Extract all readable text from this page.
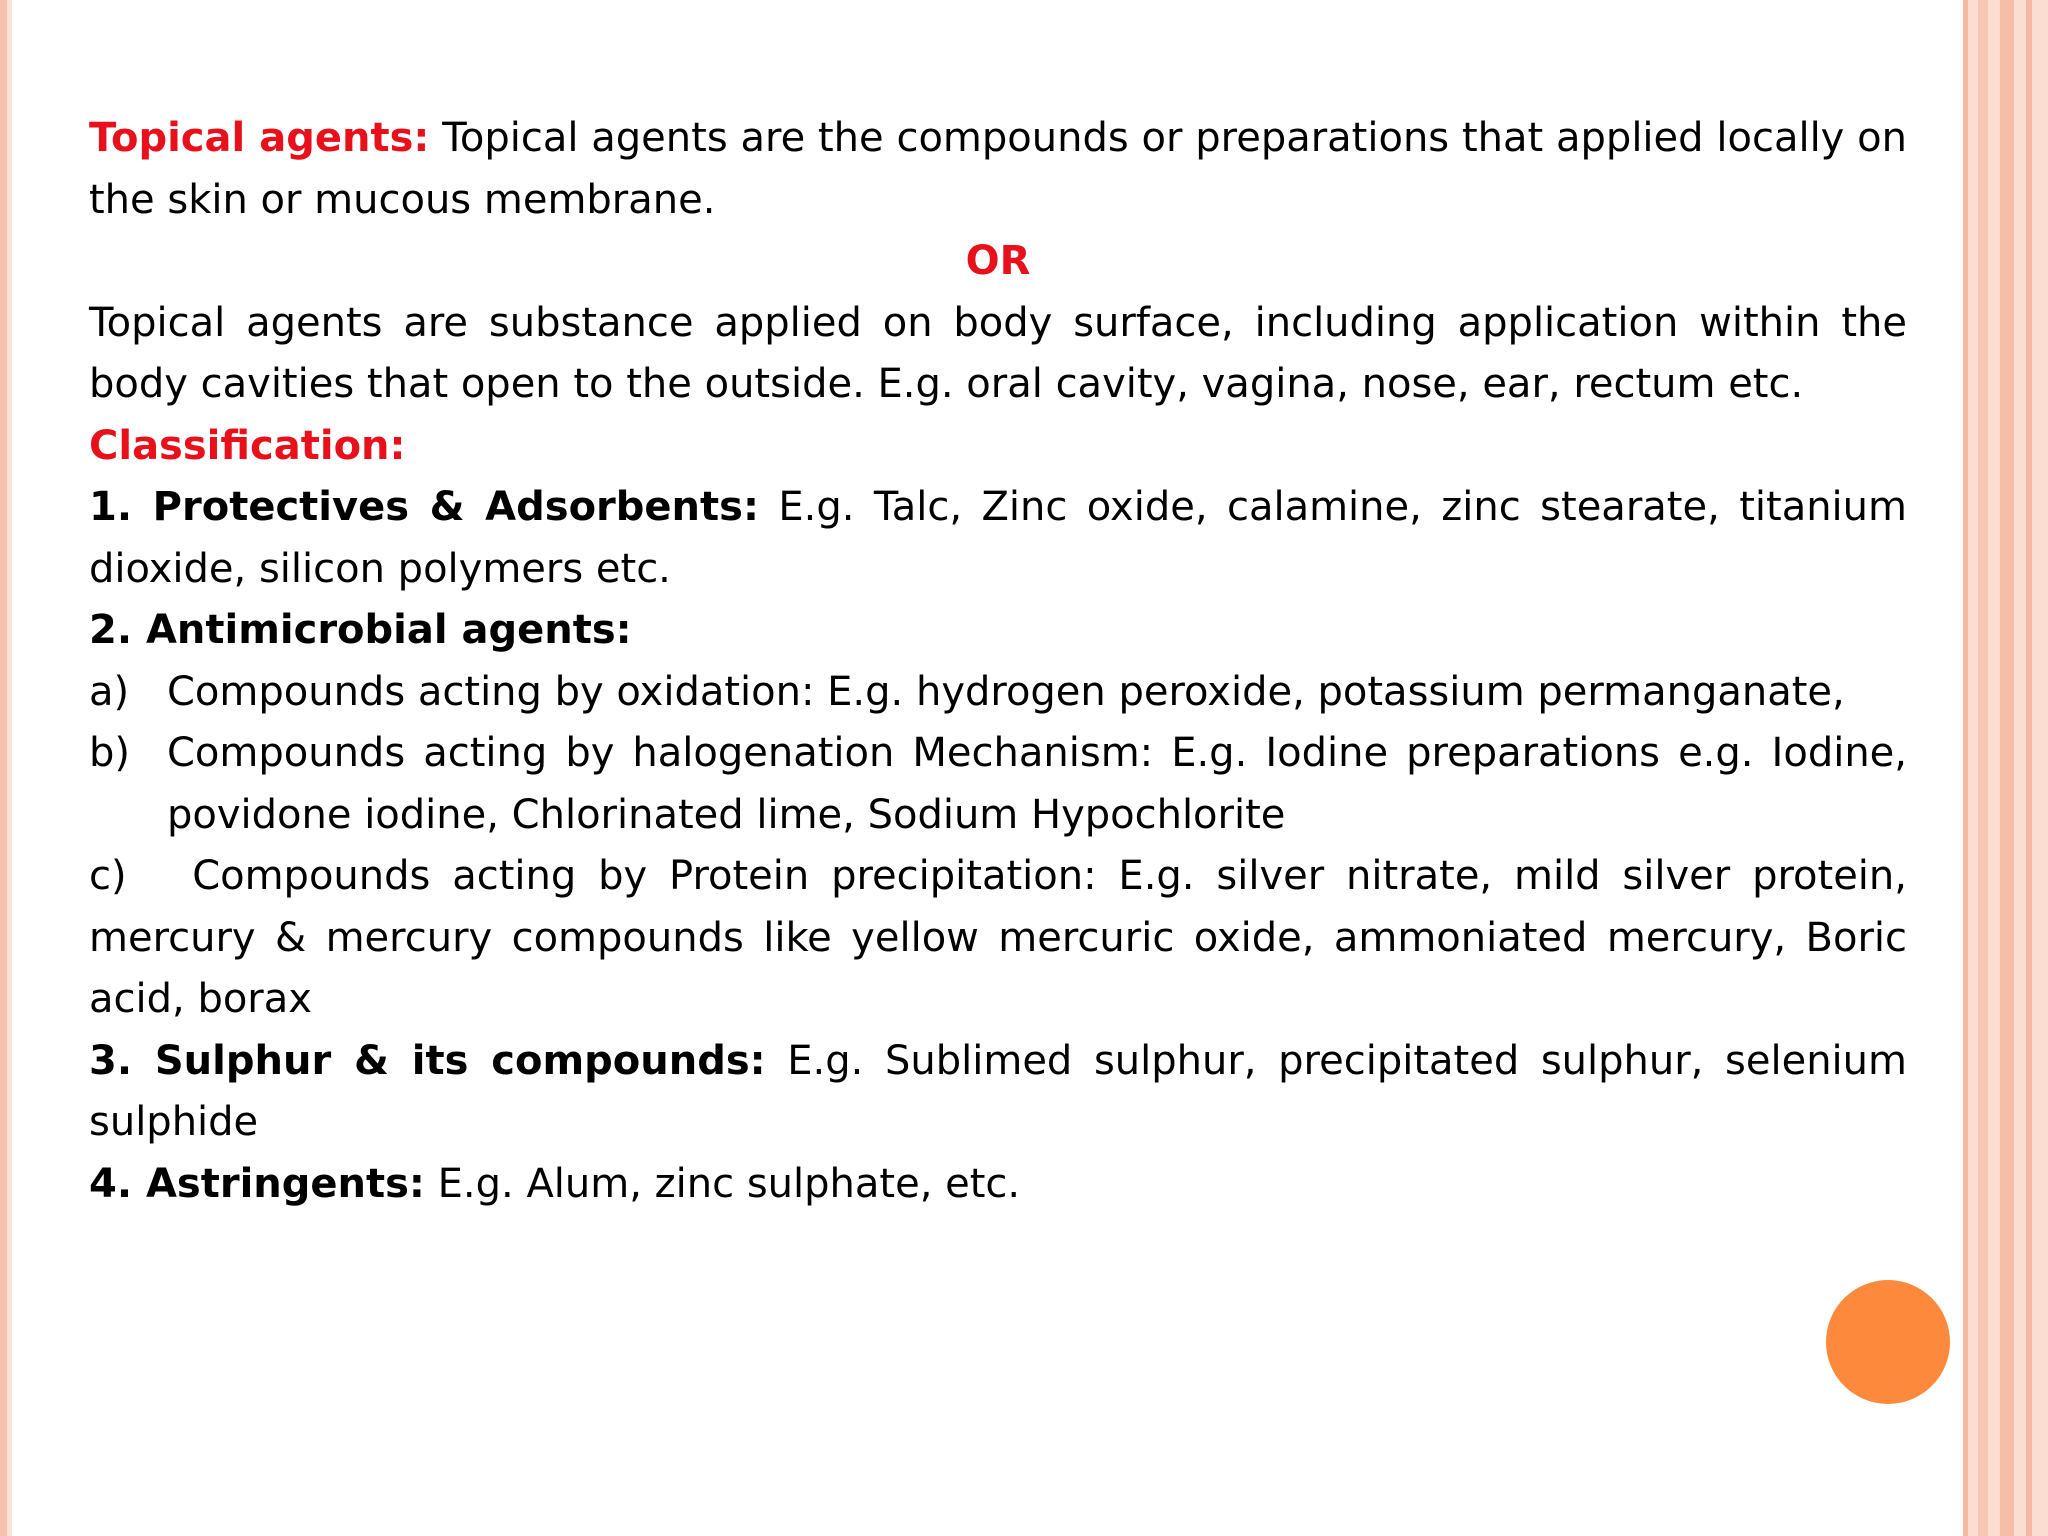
Topical agents: Topical agents are the compounds or preparations that applied locally on the skin or mucous membrane.

OR

Topical agents are substance applied on body surface, including application within the body cavities that open to the outside. E.g. oral cavity, vagina, nose, ear, rectum etc.

Classification:

1. Protectives & Adsorbents: E.g. Talc, Zinc oxide, calamine, zinc stearate, titanium dioxide, silicon polymers etc.

2. Antimicrobial agents:

a) Compounds acting by oxidation: E.g. hydrogen peroxide, potassium permanganate,

b) Compounds acting by halogenation Mechanism: E.g. Iodine preparations e.g. Iodine, povidone iodine, Chlorinated lime, Sodium Hypochlorite

c) Compounds acting by Protein precipitation: E.g. silver nitrate, mild silver protein, mercury & mercury compounds like yellow mercuric oxide, ammoniated mercury, Boric acid, borax

3. Sulphur & its compounds: E.g. Sublimed sulphur, precipitated sulphur, selenium sulphide

4. Astringents: E.g. Alum, zinc sulphate, etc.
